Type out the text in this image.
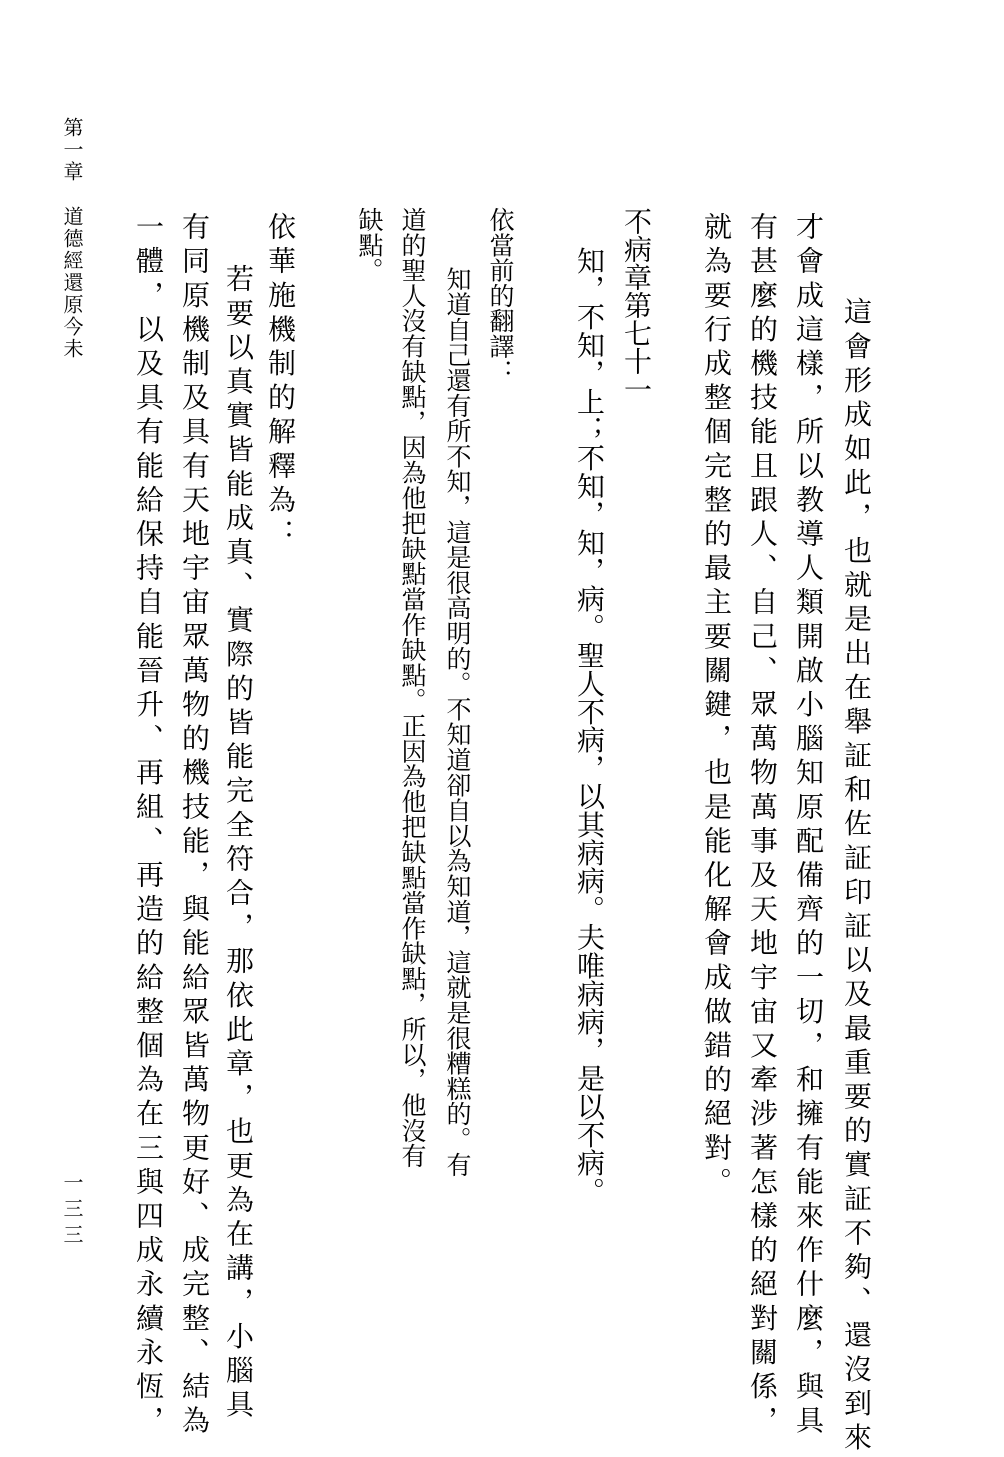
　這會形成如此，也就是出在舉証和佐証印証以及最重要的實証不夠、還沒到來
才會成這樣，所以教導人類開啟小腦知原配備齊的一切，和擁有能來作什麼，與具
有甚麼的機技能且跟人、自己、眾萬物萬事及天地宇宙又牽涉著怎樣的絕對關係，
就為要行成整個完整的最主要關鍵，也是能化解會成做錯的絕對。
不病章第七十一
　知，不知，上；不知，知，病。聖人不病，以其病病。夫唯病病，是以不病。
依當前的翻譯：
　知道自己還有所不知，這是很高明的。不知道卻自以為知道，這就是很糟糕的。有
道的聖人沒有缺點，因為他把缺點當作缺點。正因為他把缺點當作缺點，所以，他沒有
缺點。
依華施機制的解釋為：
　若要以真實皆能成真、實際的皆能完全符合，那依此章，也更為在講，小腦具
有同原機制及具有天地宇宙眾萬物的機技能，與能給眾皆萬物更好、成完整、結為
一體，以及具有能給保持自能晉升、再組、再造的給整個為在三與四成永續永恆，
第一章
道德經還原今未
一三三
